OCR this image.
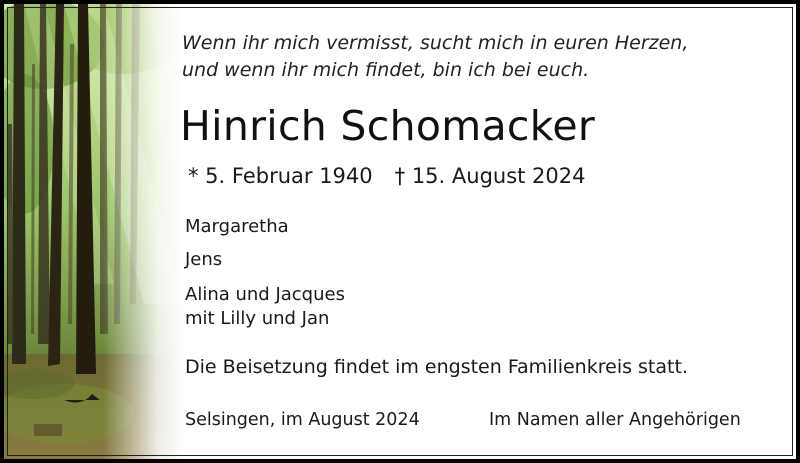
Wenn ihr mich vermisst, sucht mich in euren Herzen,
und wenn ihr mich findet, bin ich bei euch.
Hinrich Schomacker
* 5. Februar 1940 † 15. August 2024
Margaretha
Jens
Alina und Jacques
mit Lilly und Jan
Die Beisetzung findet im engsten Familienkreis statt.
Selsingen, im August 2024	Im Namen aller Angehörigen
